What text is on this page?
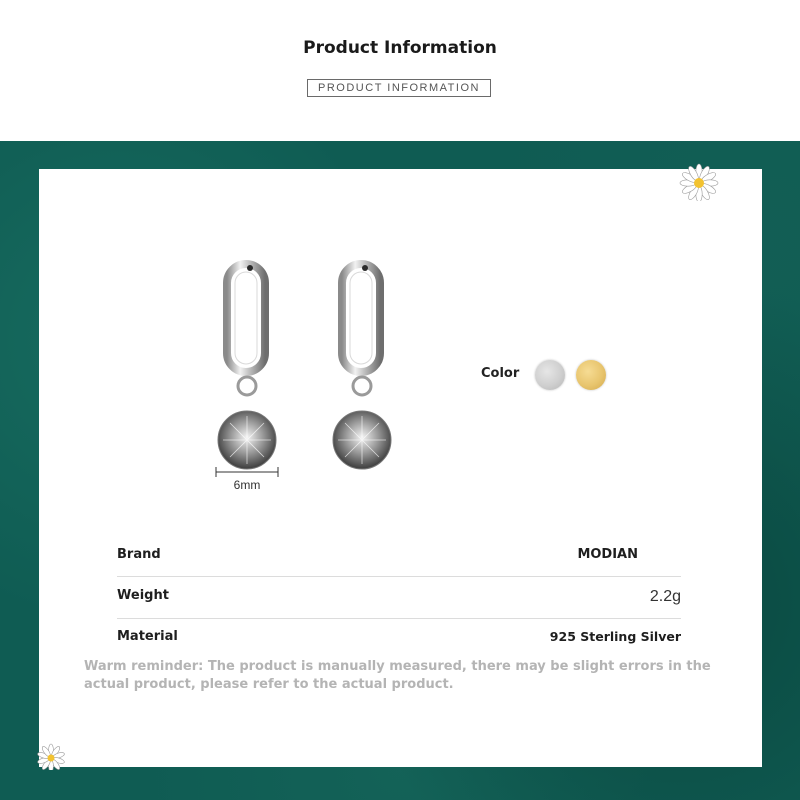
Product Information
PRODUCT INFORMATION
6mm
Color
Brand	MODIAN
Weight	2.2g
Material	925 Sterling Silver
Warm reminder: The product is manually measured, there may be slight errors in the actual product, please refer to the actual product.
